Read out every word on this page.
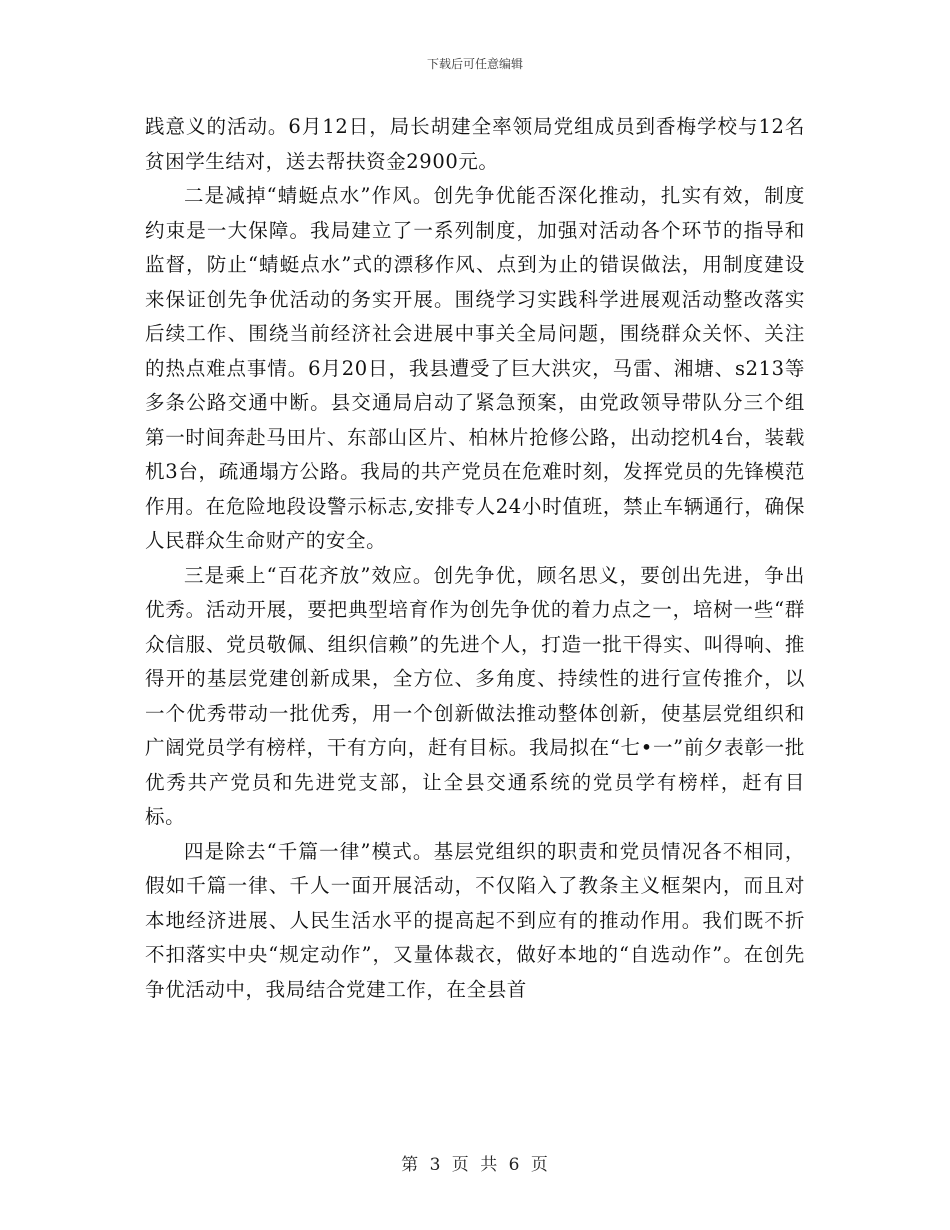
下载后可任意编辑

践意义的活动。6月12日，局长胡建全率领局党组成员到香梅学校与12名贫困学生结对，送去帮扶资金2900元。

二是减掉“蜻蜓点水”作风。创先争优能否深化推动，扎实有效，制度约束是一大保障。我局建立了一系列制度，加强对活动各个环节的指导和监督，防止“蜻蜓点水”式的漂移作风、点到为止的错误做法，用制度建设来保证创先争优活动的务实开展。围绕学习实践科学进展观活动整改落实后续工作、围绕当前经济社会进展中事关全局问题，围绕群众关怀、关注的热点难点事情。6月20日，我县遭受了巨大洪灾，马雷、湘塘、s213等多条公路交通中断。县交通局启动了紧急预案，由党政领导带队分三个组第一时间奔赴马田片、东部山区片、柏林片抢修公路，出动挖机4台，装载机3台，疏通塌方公路。我局的共产党员在危难时刻，发挥党员的先锋模范作用。在危险地段设警示标志,安排专人24小时值班，禁止车辆通行，确保人民群众生命财产的安全。

三是乘上“百花齐放”效应。创先争优，顾名思义，要创出先进，争出优秀。活动开展，要把典型培育作为创先争优的着力点之一，培树一些“群众信服、党员敬佩、组织信赖”的先进个人，打造一批干得实、叫得响、推得开的基层党建创新成果，全方位、多角度、持续性的进行宣传推介，以一个优秀带动一批优秀，用一个创新做法推动整体创新，使基层党组织和广阔党员学有榜样，干有方向，赶有目标。我局拟在“七•一”前夕表彰一批优秀共产党员和先进党支部，让全县交通系统的党员学有榜样，赶有目标。

四是除去“千篇一律”模式。基层党组织的职责和党员情况各不相同，假如千篇一律、千人一面开展活动，不仅陷入了教条主义框架内，而且对本地经济进展、人民生活水平的提高起不到应有的推动作用。我们既不折不扣落实中央“规定动作”，又量体裁衣，做好本地的“自选动作”。在创先争优活动中，我局结合党建工作，在全县首

第 3 页 共 6 页
